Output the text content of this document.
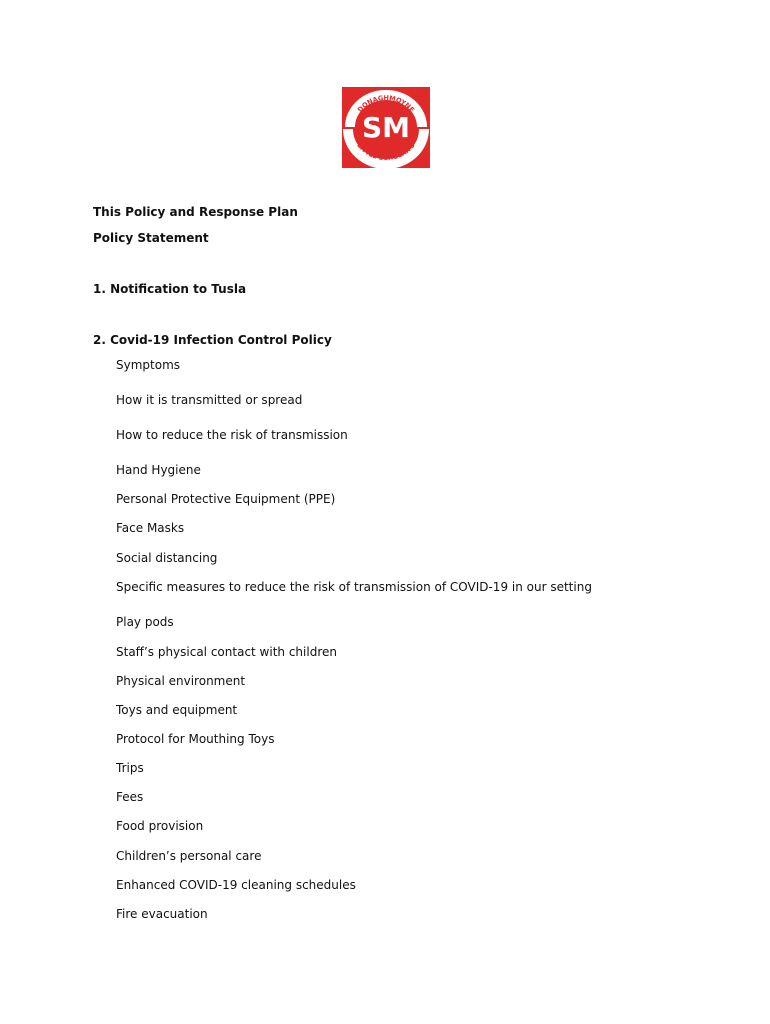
DONAGHMOYNE
LITTLE SCHOLAR'S
SM
This Policy and Response Plan
Policy Statement
1. Notification to Tusla
2. Covid-19 Infection Control Policy
Symptoms
How it is transmitted or spread
How to reduce the risk of transmission
Hand Hygiene
Personal Protective Equipment (PPE)
Face Masks
Social distancing
Specific measures to reduce the risk of transmission of COVID-19 in our setting
Play pods
Staff’s physical contact with children
Physical environment
Toys and equipment
Protocol for Mouthing Toys
Trips
Fees
Food provision
Children’s personal care
Enhanced COVID-19 cleaning schedules
Fire evacuation
